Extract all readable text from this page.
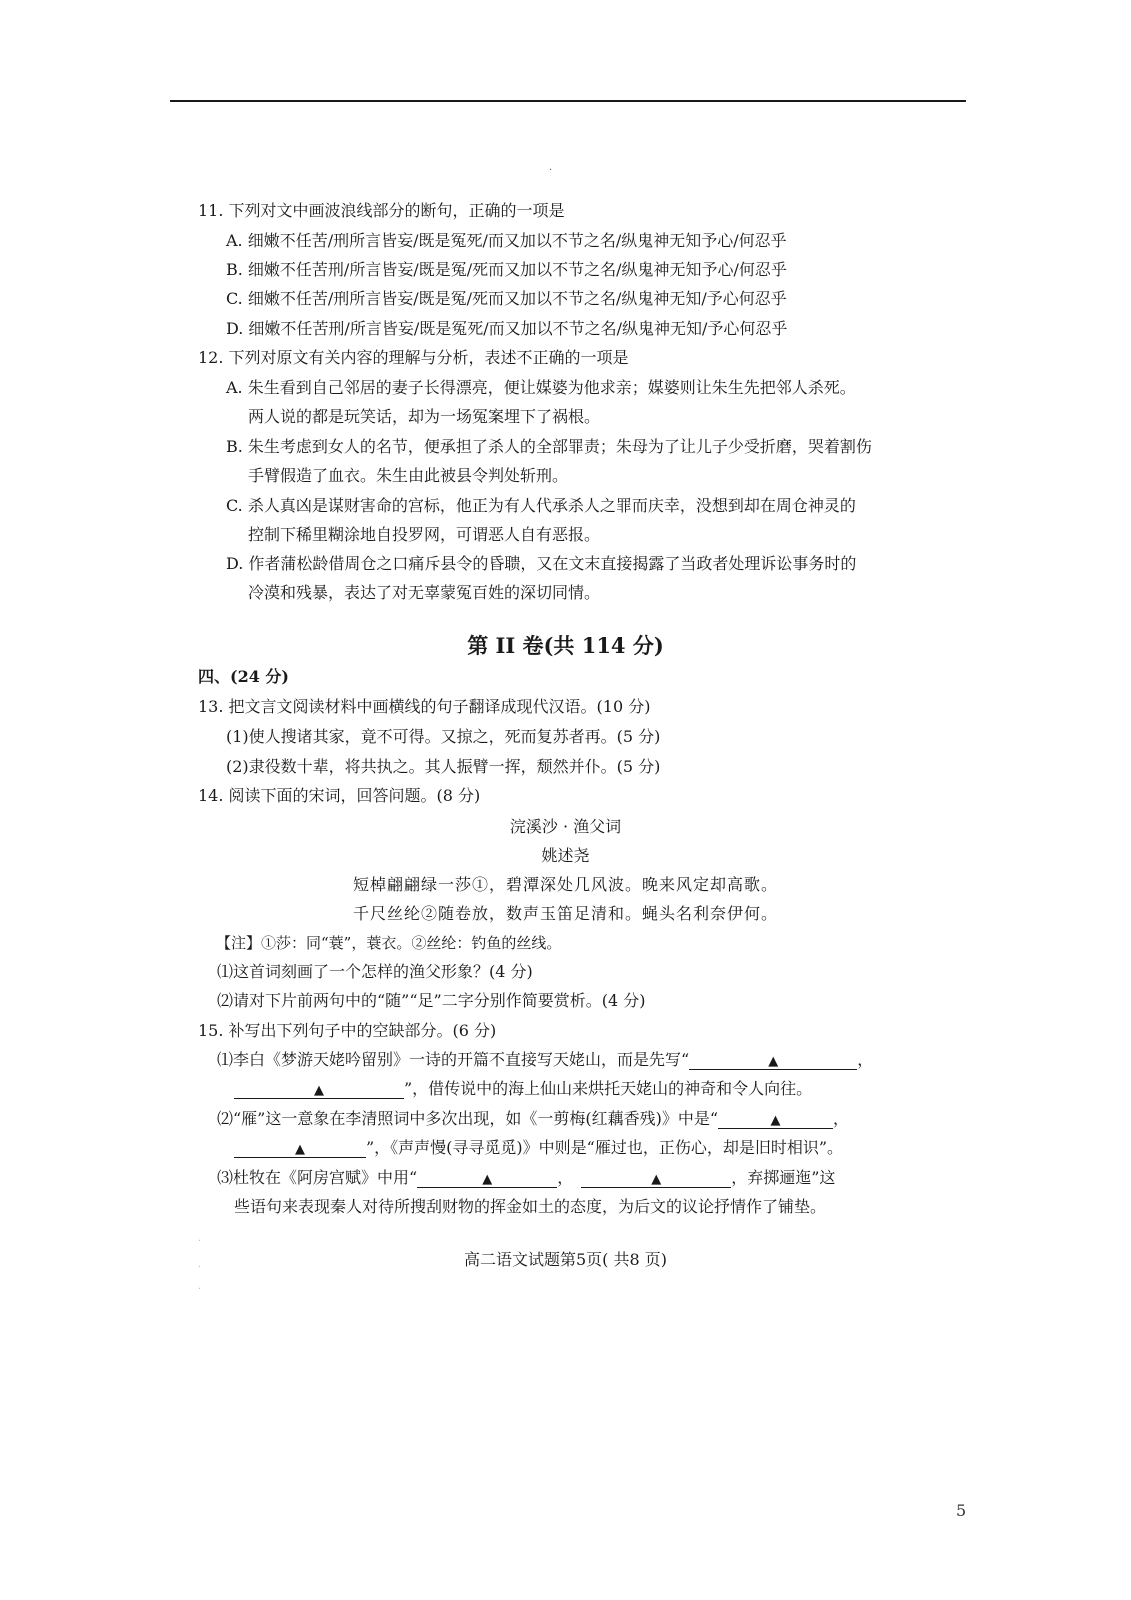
·
11. 下列对文中画波浪线部分的断句，正确的一项是
A. 细嫩不任苦/刑所言皆妄/既是冤死/而又加以不节之名/纵鬼神无知予心/何忍乎
B. 细嫩不任苦刑/所言皆妄/既是冤/死而又加以不节之名/纵鬼神无知予心/何忍乎
C. 细嫩不任苦/刑所言皆妄/既是冤/死而又加以不节之名/纵鬼神无知/予心何忍乎
D. 细嫩不任苦刑/所言皆妄/既是冤死/而又加以不节之名/纵鬼神无知/予心何忍乎
12. 下列对原文有关内容的理解与分析，表述不正确的一项是
A. 朱生看到自己邻居的妻子长得漂亮，便让媒婆为他求亲；媒婆则让朱生先把邻人杀死。
两人说的都是玩笑话，却为一场冤案埋下了祸根。
B. 朱生考虑到女人的名节，便承担了杀人的全部罪责；朱母为了让儿子少受折磨，哭着割伤
手臂假造了血衣。朱生由此被县令判处斩刑。
C. 杀人真凶是谋财害命的宫标，他正为有人代承杀人之罪而庆幸，没想到却在周仓神灵的
控制下稀里糊涂地自投罗网，可谓恶人自有恶报。
D. 作者蒲松龄借周仓之口痛斥县令的昏聩，又在文末直接揭露了当政者处理诉讼事务时的
冷漠和残暴，表达了对无辜蒙冤百姓的深切同情。
第 II 卷(共 114 分)
四、(24 分)
13. 把文言文阅读材料中画横线的句子翻译成现代汉语。(10 分)
(1)使人搜诸其家，竟不可得。又掠之，死而复苏者再。(5 分)
(2)隶役数十辈，将共执之。其人振臂一挥，颓然并仆。(5 分)
14. 阅读下面的宋词，回答问题。(8 分)
浣溪沙 · 渔父词
姚述尧
短棹翩翩绿一莎①，碧潭深处几风波。晚来风定却高歌。
千尺丝纶②随卷放，数声玉笛足清和。蝇头名利奈伊何。
【注】①莎：同“蓑”，蓑衣。②丝纶：钓鱼的丝线。
⑴这首词刻画了一个怎样的渔父形象？(4 分)
⑵请对下片前两句中的“随”“足”二字分别作简要赏析。(4 分)
15. 补写出下列句子中的空缺部分。(6 分)
⑴李白《梦游天姥吟留别》一诗的开篇不直接写天姥山，而是先写“	▲	，
▲	”，借传说中的海上仙山来烘托天姥山的神奇和令人向往。
⑵“雁”这一意象在李清照词中多次出现，如《一剪梅(红藕香残)》中是“	▲	，
▲	”，《声声慢(寻寻觅觅)》中则是“雁过也，正伤心，却是旧时相识”。
⑶杜牧在《阿房宫赋》中用“	▲	，	▲	，弃掷逦迤”这
些语句来表现秦人对待所搜刮财物的挥金如土的态度，为后文的议论抒情作了铺垫。
高二语文试题第5页( 共8 页)
·
·
·
5
